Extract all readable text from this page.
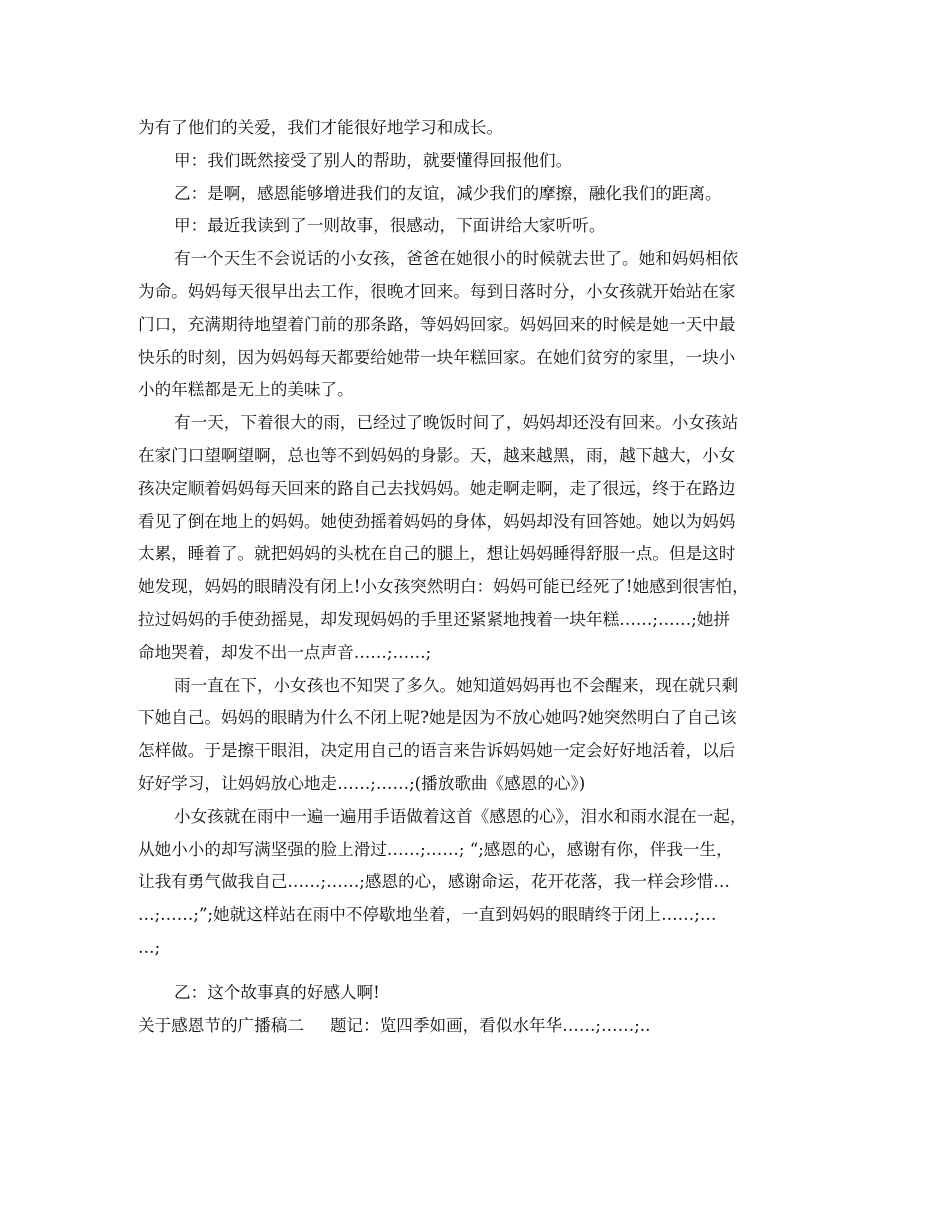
为有了他们的关爱，我们才能很好地学习和成长。
甲：我们既然接受了别人的帮助，就要懂得回报他们。
乙：是啊，感恩能够增进我们的友谊，减少我们的摩擦，融化我们的距离。
甲：最近我读到了一则故事，很感动，下面讲给大家听听。
有一个天生不会说话的小女孩，爸爸在她很小的时候就去世了。她和妈妈相依
为命。妈妈每天很早出去工作，很晚才回来。每到日落时分，小女孩就开始站在家
门口，充满期待地望着门前的那条路，等妈妈回家。妈妈回来的时候是她一天中最
快乐的时刻，因为妈妈每天都要给她带一块年糕回家。在她们贫穷的家里，一块小
小的年糕都是无上的美味了。
有一天，下着很大的雨，已经过了晚饭时间了，妈妈却还没有回来。小女孩站
在家门口望啊望啊，总也等不到妈妈的身影。天，越来越黑，雨，越下越大，小女
孩决定顺着妈妈每天回来的路自己去找妈妈。她走啊走啊，走了很远，终于在路边
看见了倒在地上的妈妈。她使劲摇着妈妈的身体，妈妈却没有回答她。她以为妈妈
太累，睡着了。就把妈妈的头枕在自己的腿上，想让妈妈睡得舒服一点。但是这时
她发现，妈妈的眼睛没有闭上!小女孩突然明白：妈妈可能已经死了!她感到很害怕，
拉过妈妈的手使劲摇晃，却发现妈妈的手里还紧紧地拽着一块年糕……;……;她拼
命地哭着，却发不出一点声音……;……;
雨一直在下，小女孩也不知哭了多久。她知道妈妈再也不会醒来，现在就只剩
下她自己。妈妈的眼睛为什么不闭上呢?她是因为不放心她吗?她突然明白了自己该
怎样做。于是擦干眼泪，决定用自己的语言来告诉妈妈她一定会好好地活着，以后
好好学习，让妈妈放心地走……;……;(播放歌曲《感恩的心》)
小女孩就在雨中一遍一遍用手语做着这首《感恩的心》，泪水和雨水混在一起，
从她小小的却写满坚强的脸上滑过……;……; “;感恩的心，感谢有你，伴我一生，
让我有勇气做我自己……;……;感恩的心，感谢命运，花开花落，我一样会珍惜…
…;……;”;她就这样站在雨中不停歇地坐着，一直到妈妈的眼睛终于闭上……;…
…;
乙：这个故事真的好感人啊!
关于感恩节的广播稿二 题记：览四季如画，看似水年华……;……;..
